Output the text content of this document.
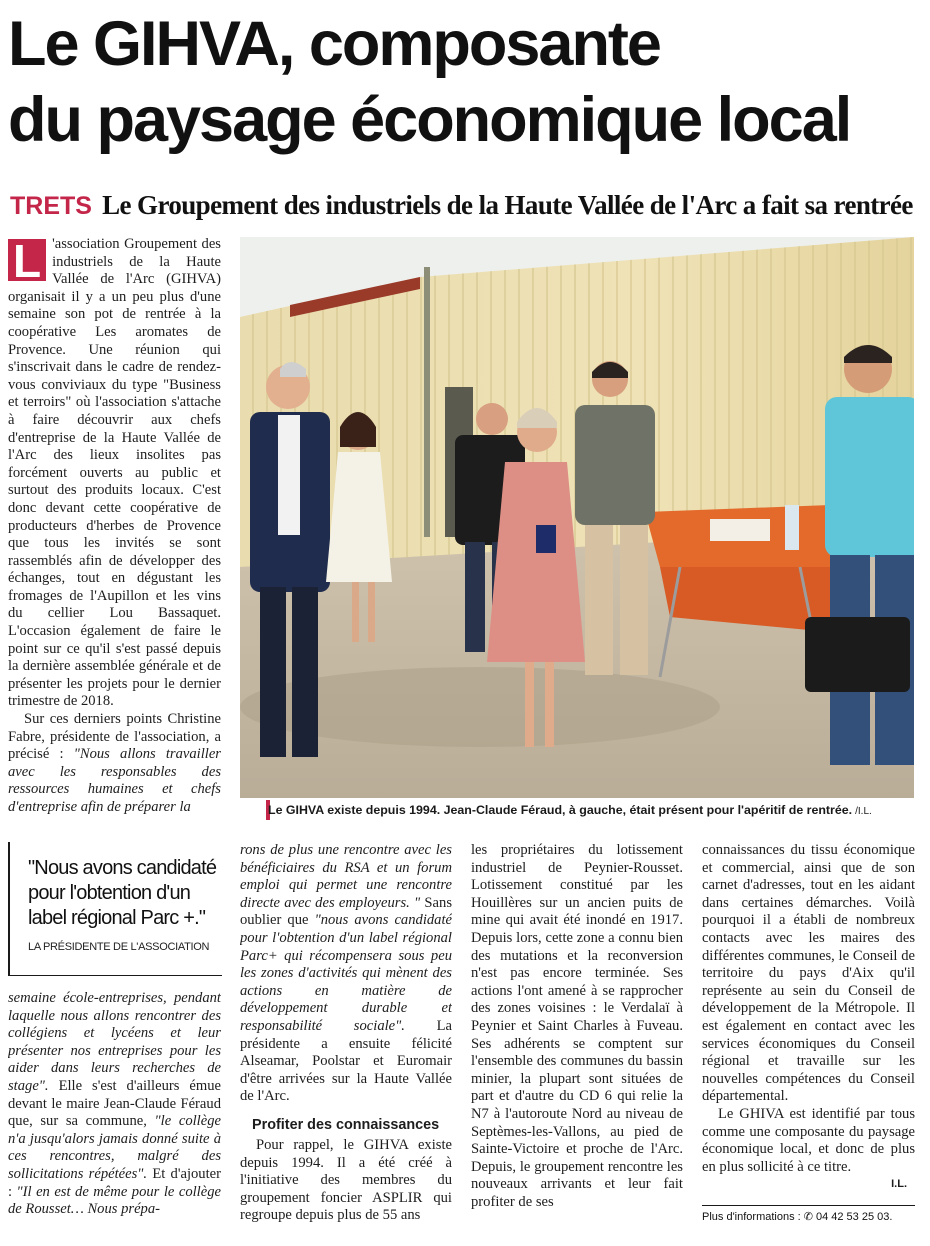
Le GIHVA, composante
du paysage économique local
TRETS Le Groupement des industriels de la Haute Vallée de l'Arc a fait sa rentrée

L 'association Groupement des industriels de la Haute Vallée de l'Arc (GIHVA) organisait il y a un peu plus d'une semaine son pot de rentrée à la coopérative Les aromates de Provence. Une réunion qui s'inscrivait dans le cadre de rendez-vous conviviaux du type "Business et terroirs" où l'association s'attache à faire découvrir aux chefs d'entreprise de la Haute Vallée de l'Arc des lieux insolites pas forcément ouverts au public et surtout des produits locaux. C'est donc devant cette coopérative de producteurs d'herbes de Provence que tous les invités se sont rassemblés afin de développer des échanges, tout en dégustant les fromages de l'Aupillon et les vins du cellier Lou Bassaquet. L'occasion également de faire le point sur ce qu'il s'est passé depuis la dernière assemblée générale et de présenter les projets pour le dernier trimestre de 2018.

Sur ces derniers points Christine Fabre, présidente de l'association, a précisé : "Nous allons travailler avec les responsables des ressources humaines et chefs d'entreprise afin de préparer la	Le GIHVA existe depuis 1994. Jean-Claude Féraud, à gauche, était présent pour l'apéritif de rentrée. /I.L.

"Nous avons candidaté pour l'obtention d'un label régional Parc +."

LA PRÉSIDENTE DE L'ASSOCIATION

semaine école-entreprises, pendant laquelle nous allons rencontrer des collégiens et lycéens et leur présenter nos entreprises pour les aider dans leurs recherches de stage". Elle s'est d'ailleurs émue devant le maire Jean-Claude Féraud que, sur sa commune, "le collège n'a jusqu'alors jamais donné suite à ces rencontres, malgré des sollicitations répétées". Et d'ajouter : "Il en est de même pour le collège de Rousset… Nous prépa-

rons de plus une rencontre avec les bénéficiaires du RSA et un forum emploi qui permet une rencontre directe avec des employeurs. " Sans oublier que "nous avons candidaté pour l'obtention d'un label régional Parc+ qui récompensera sous peu les zones d'activités qui mènent des actions en matière de développement durable et responsabilité sociale". La présidente a ensuite félicité Alseamar, Poolstar et Euromair d'être arrivées sur la Haute Vallée de l'Arc.

Profiter des connaissances

Pour rappel, le GIHVA existe depuis 1994. Il a été créé à l'initiative des membres du groupement foncier ASPLIR qui regroupe depuis plus de 55 ans

les propriétaires du lotissement industriel de Peynier-Rousset. Lotissement constitué par les Houillères sur un ancien puits de mine qui avait été inondé en 1917. Depuis lors, cette zone a connu bien des mutations et la reconversion n'est pas encore terminée. Ses actions l'ont amené à se rapprocher des zones voisines : le Verdalaï à Peynier et Saint Charles à Fuveau. Ses adhérents se comptent sur l'ensemble des communes du bassin minier, la plupart sont situées de part et d'autre du CD 6 qui relie la N7 à l'autoroute Nord au niveau de Septèmes-les-Vallons, au pied de Sainte-Victoire et proche de l'Arc. Depuis, le groupement rencontre les nouveaux arrivants et leur fait profiter de ses

connaissances du tissu économique et commercial, ainsi que de son carnet d'adresses, tout en les aidant dans certaines démarches. Voilà pourquoi il a établi de nombreux contacts avec les maires des différentes communes, le Conseil de territoire du pays d'Aix qu'il représente au sein du Conseil de développement de la Métropole. Il est également en contact avec les services économiques du Conseil régional et travaille sur les nouvelles compétences du Conseil départemental.

Le GHIVA est identifié par tous comme une composante du paysage économique local, et donc de plus en plus sollicité à ce titre.

I.L.

Plus d'informations : ✆ 04 42 53 25 03.
